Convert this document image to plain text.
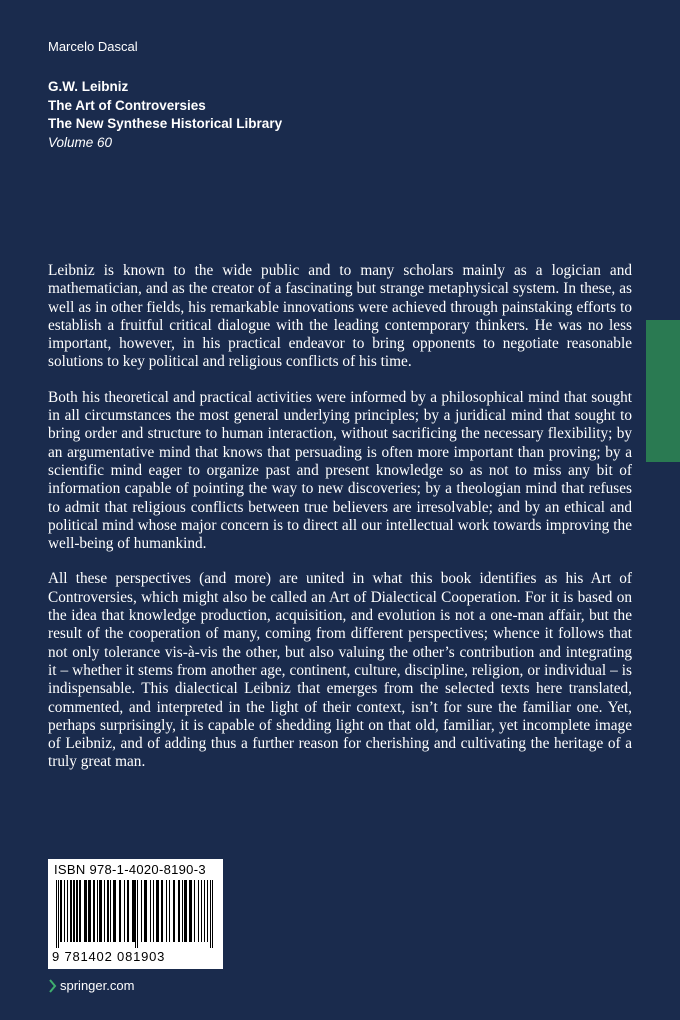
Marcelo Dascal
G.W. Leibniz
The Art of Controversies
The New Synthese Historical Library
Volume 60

Leibniz is known to the wide public and to many scholars mainly as a logician and mathematician, and as the creator of a fascinating but strange metaphysical system. In these, as well as in other fields, his remarkable innovations were achieved through painstaking efforts to establish a fruitful critical dialogue with the leading contemporary thinkers. He was no less important, however, in his practical endeavor to bring opponents to negotiate reasonable solutions to key political and religious conflicts of his time.

Both his theoretical and practical activities were informed by a philosophical mind that sought in all circumstances the most general underlying principles; by a juridical mind that sought to bring order and structure to human interaction, without sacrificing the necessary flexibility; by an argumentative mind that knows that persuading is often more important than proving; by a scientific mind eager to organize past and present knowledge so as not to miss any bit of information capable of pointing the way to new discoveries; by a theologian mind that refuses to admit that religious conflicts between true believers are irresolvable; and by an ethical and political mind whose major concern is to direct all our intellectual work towards improving the well-being of humankind.

All these perspectives (and more) are united in what this book identifies as his Art of Controversies, which might also be called an Art of Dialectical Cooperation. For it is based on the idea that knowledge production, acquisition, and evolution is not a one-man affair, but the result of the cooperation of many, coming from different perspectives; whence it follows that not only tolerance vis-à-vis the other, but also valuing the other’s contribution and integrating it – whether it stems from another age, continent, culture, discipline, religion, or individual – is indispensable. This dialectical Leibniz that emerges from the selected texts here translated, commented, and interpreted in the light of their context, isn’t for sure the familiar one. Yet, perhaps surprisingly, it is capable of shedding light on that old, familiar, yet incomplete image of Leibniz, and of adding thus a further reason for cherishing and cultivating the heritage of a truly great man.

ISBN 978-1-4020-8190-3
9 781402 081903
springer.com
